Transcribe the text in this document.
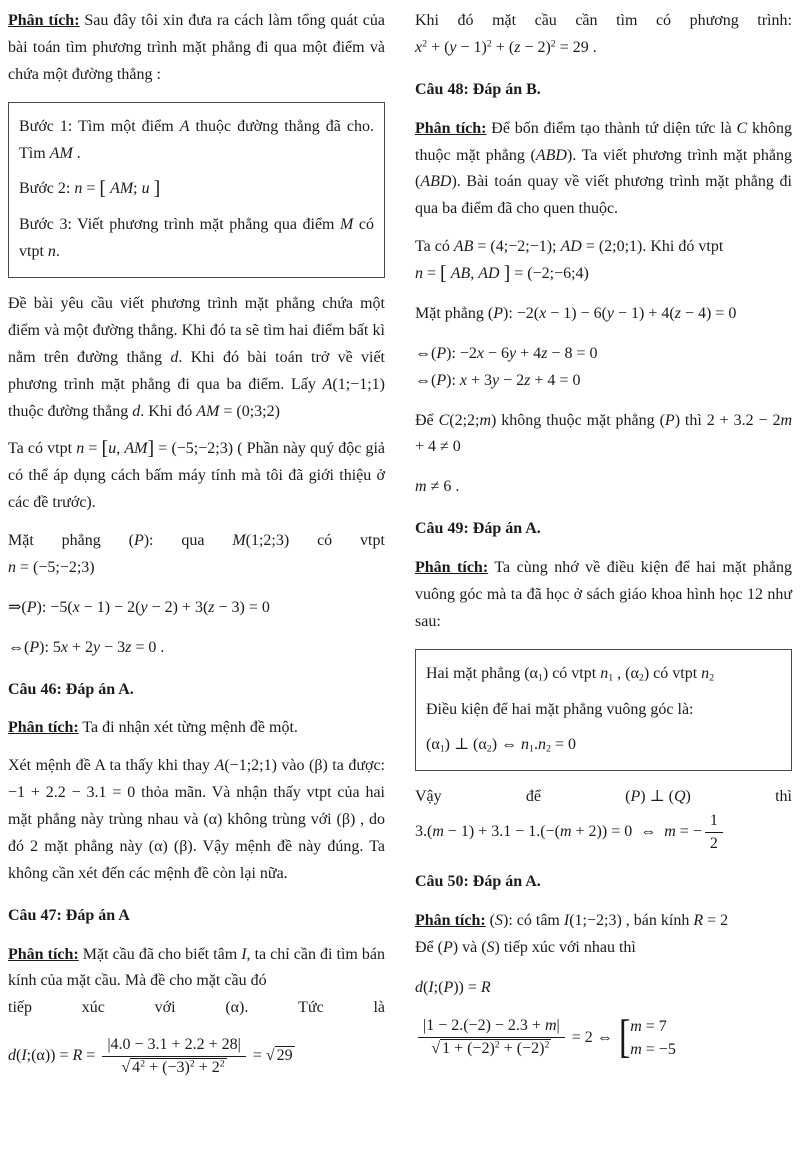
Phân tích: Sau đây tôi xin đưa ra cách làm tổng quát của bài toán tìm phương trình mặt phẳng đi qua một điểm và chứa một đường thẳng :

Bước 1: Tìm một điểm A thuộc đường thẳng đã cho. Tìm AM .

Bước 2: n = [ AM; u ]

Bước 3: Viết phương trình mặt phẳng qua điểm M có vtpt n.

Đề bài yêu cầu viết phương trình mặt phẳng chứa một điểm và một đường thẳng. Khi đó ta sẽ tìm hai điểm bất kì nằm trên đường thẳng d. Khi đó bài toán trở về viết phương trình mặt phẳng đi qua ba điểm. Lấy A(1;−1;1) thuộc đường thẳng d. Khi đó AM = (0;3;2)
Ta có vtpt n = [u, AM] = (−5;−2;3) ( Phần này quý độc giả có thể áp dụng cách bấm máy tính mà tôi đã giới thiệu ở các đề trước).
Mặt phẳng (P): qua M(1;2;3) có vtpt
n = (−5;−2;3)
⇒(P): −5(x − 1) − 2(y − 2) + 3(z − 3) = 0
⇔(P): 5x + 2y − 3z = 0 .
Câu 46: Đáp án A.
Phân tích: Ta đi nhận xét từng mệnh đề một.
Xét mệnh đề A ta thấy khi thay A(−1;2;1) vào (β) ta được: −1 + 2.2 − 3.1 = 0 thỏa mãn. Và nhận thấy vtpt của hai mặt phẳng này trùng nhau và (α) không trùng với (β) , do đó 2 mặt phẳng này (α) (β). Vậy mệnh đề này đúng. Ta không cần xét đến các mệnh đề còn lại nữa.
Câu 47: Đáp án A
Phân tích: Mặt cầu đã cho biết tâm I, ta chỉ cần đi tìm bán kính của mặt cầu. Mà đề cho mặt cầu đó
tiếp	xúc	với	(α).	Tức	là
d(I;(α)) = R = |4.0 − 3.1 + 2.2 + 28|
√ $4^2 + (-3)^2 + 2^2$ = √ 29
Khi đó mặt cầu cần tìm có phương trình:
$x^2 + (y - 1)^2 + (z - 2)^2 = 29$ .
Câu 48: Đáp án B.
Phân tích: Để bốn điểm tạo thành tứ diện tức là C không thuộc mặt phẳng (ABD). Ta viết phương trình mặt phẳng (ABD). Bài toán quay về viết phương trình mặt phẳng đi qua ba điểm đã cho quen thuộc.
Ta có AB = (4;−2;−1); AD = (2;0;1). Khi đó vtpt
n = [ AB, AD ] = (−2;−6;4)
Mặt phẳng (P): −2(x − 1) − 6(y − 1) + 4(z − 4) = 0
⇔(P): −2x − 6y + 4z − 8 = 0
⇔(P): x + 3y − 2z + 4 = 0
Để C(2;2;m) không thuộc mặt phẳng (P) thì 2 + 3.2 − 2m + 4 ≠ 0
m ≠ 6 .
Câu 49: Đáp án A.
Phân tích: Ta cùng nhớ về điều kiện để hai mặt phẳng vuông góc mà ta đã học ở sách giáo khoa hình học 12 như sau:

Hai mặt phẳng $(\alpha_1)$ có vtpt $n_1$ , $(\alpha_2)$ có vtpt $n_2$

Điều kiện để hai mặt phẳng vuông góc là:

$(\alpha_1)$ ⊥ $(\alpha_2)$ ⇔ $n_1.n_2 = 0$

Vậy	để	(P) ⊥ (Q)	thì
3.(m − 1) + 3.1 − 1.(−(m + 2)) = 0  ⇔  m = − $\frac{1}{2}$
Câu 50: Đáp án A.
Phân tích: (S): có tâm I(1;−2;3) , bán kính R = 2
Để (P) và (S) tiếp xúc với nhau thì
d(I;(P)) = R
|1 − 2.(−2) − 2.3 + m|
√ $1 + (-2)^2 + (-2)^2 = 2$ ⇔ [ m = 7
m = −5
